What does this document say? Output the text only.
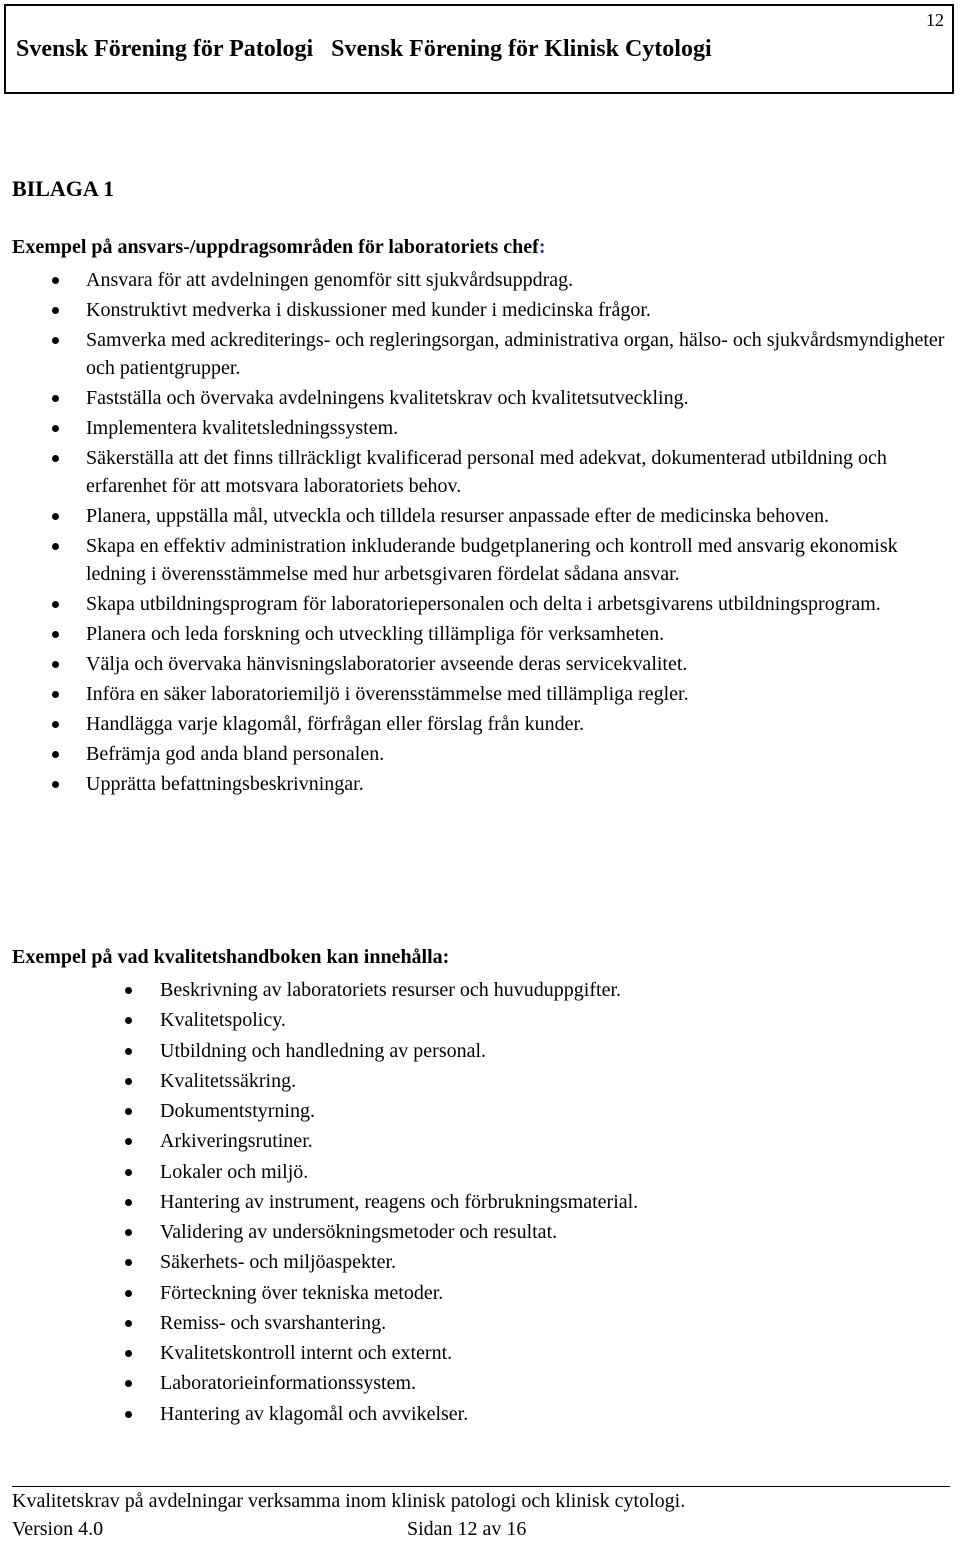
12
Svensk Förening för Patologi   Svensk Förening för Klinisk Cytologi
BILAGA 1
Exempel på ansvars-/uppdragsområden för laboratoriets chef:
Ansvara för att avdelningen genomför sitt sjukvårdsuppdrag.
Konstruktivt medverka i diskussioner med kunder i medicinska frågor.
Samverka med ackrediterings- och regleringsorgan, administrativa organ, hälso- och sjukvårdsmyndigheter och patientgrupper.
Fastställa och övervaka avdelningens kvalitetskrav och kvalitetsutveckling.
Implementera kvalitetsledningssystem.
Säkerställa att det finns tillräckligt kvalificerad personal med adekvat, dokumenterad utbildning och erfarenhet för att motsvara laboratoriets behov.
Planera, uppställa mål, utveckla och tilldela resurser anpassade efter de medicinska behoven.
Skapa en effektiv administration inkluderande budgetplanering och kontroll med ansvarig ekonomisk ledning i överensstämmelse med hur arbetsgivaren fördelat sådana ansvar.
Skapa utbildningsprogram för laboratoriepersonalen och delta i arbetsgivarens utbildningsprogram.
Planera och leda forskning och utveckling tillämpliga för verksamheten.
Välja och övervaka hänvisningslaboratorier avseende deras servicekvalitet.
Införa en säker laboratoriemiljö i överensstämmelse med tillämpliga regler.
Handlägga varje klagomål, förfrågan eller förslag från kunder.
Befrämja god anda bland personalen.
Upprätta befattningsbeskrivningar.
Exempel på vad kvalitetshandboken kan innehålla:
Beskrivning av laboratoriets resurser och huvuduppgifter.
Kvalitetspolicy.
Utbildning och handledning av personal.
Kvalitetssäkring.
Dokumentstyrning.
Arkiveringsrutiner.
Lokaler och miljö.
Hantering av instrument, reagens och förbrukningsmaterial.
Validering av undersökningsmetoder och resultat.
Säkerhets- och miljöaspekter.
Förteckning över tekniska metoder.
Remiss- och svarshantering.
Kvalitetskontroll internt och externt.
Laboratorieinformationssystem.
Hantering av klagomål och avvikelser.
Kvalitetskrav på avdelningar verksamma inom klinisk patologi och klinisk cytologi.
Version 4.0	Sidan 12 av 16
